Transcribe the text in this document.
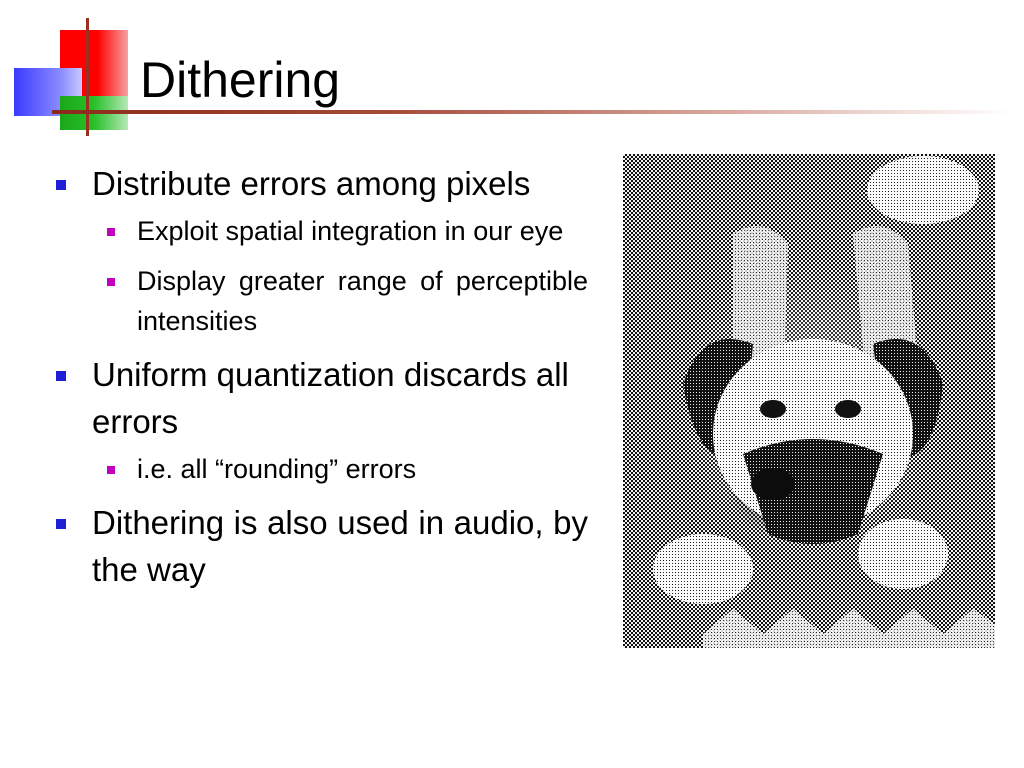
Dithering
Distribute errors among pixels
Exploit spatial integration in our eye
Display greater range of perceptible intensities
Uniform quantization discards all errors
i.e. all “rounding” errors
Dithering is also used in audio, by the way
